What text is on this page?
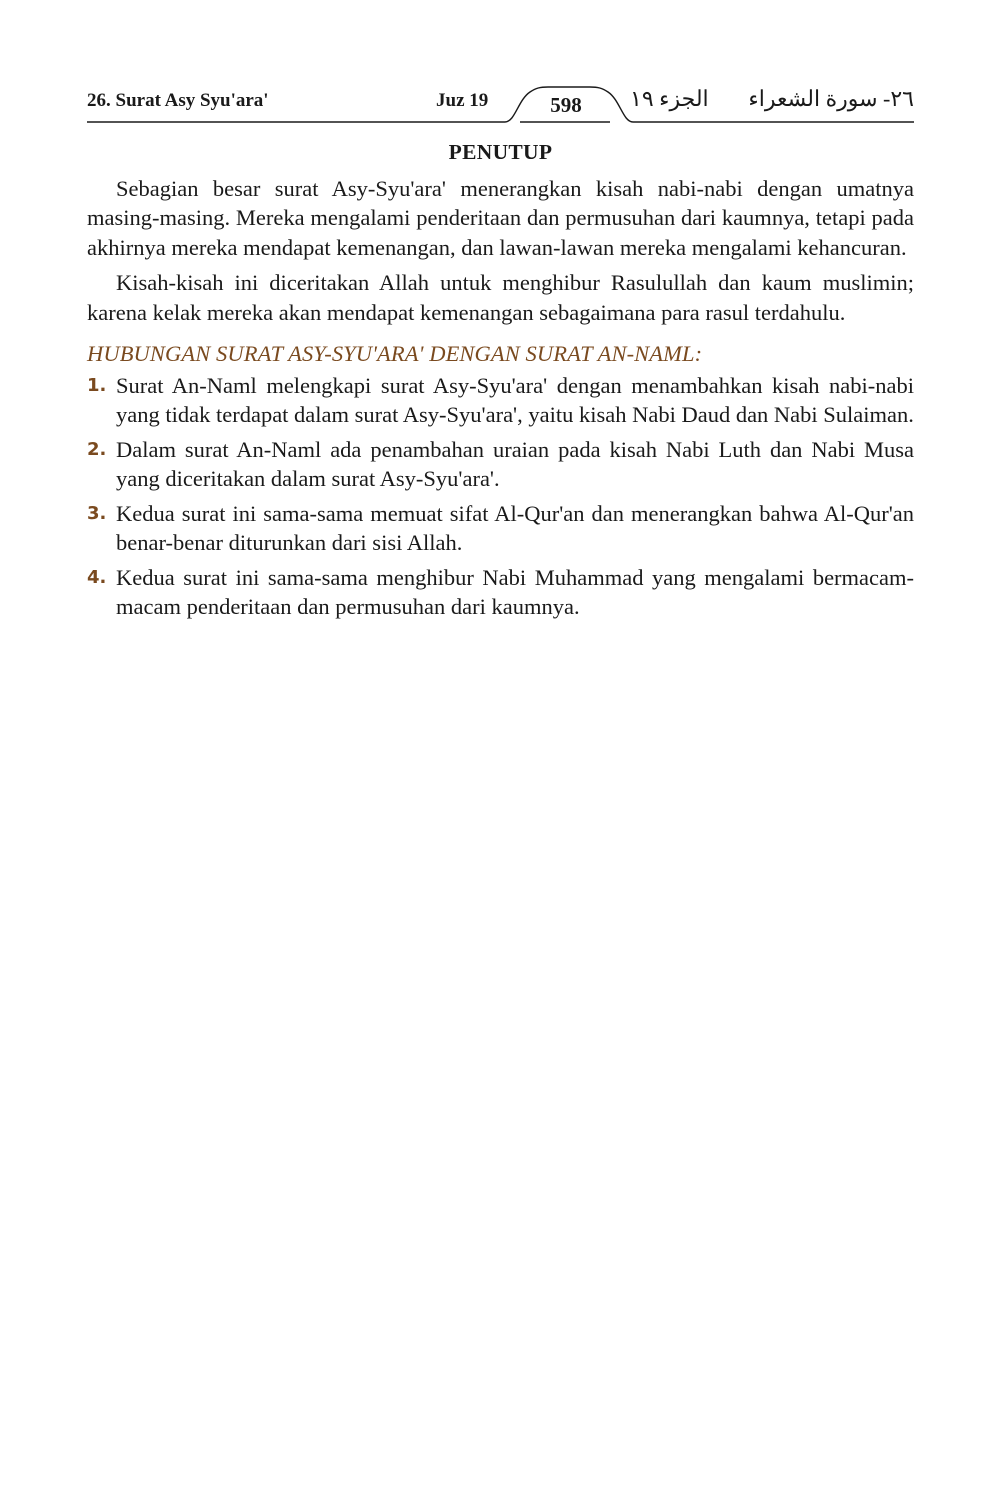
26. Surat Asy Syu'ara'	Juz 19	598	الجزء ١٩ ٢٦- سورة الشعراء
PENUTUP

Sebagian besar surat Asy-Syu'ara' menerangkan kisah nabi-nabi dengan umatnya masing-masing. Mereka mengalami penderitaan dan permusuhan dari kaumnya, tetapi pada akhirnya mereka mendapat kemenangan, dan lawan-lawan mereka mengalami kehancuran.

Kisah-kisah ini diceritakan Allah untuk menghibur Rasulullah dan kaum muslimin; karena kelak mereka akan mendapat kemenangan sebagaimana para rasul terdahulu.

HUBUNGAN SURAT ASY-SYU'ARA' DENGAN SURAT AN-NAML:
1. Surat An-Naml melengkapi surat Asy-Syu'ara' dengan menambahkan kisah nabi-nabi yang tidak terdapat dalam surat Asy-Syu'ara', yaitu kisah Nabi Daud dan Nabi Sulaiman.
2. Dalam surat An-Naml ada penambahan uraian pada kisah Nabi Luth dan Nabi Musa yang diceritakan dalam surat Asy-Syu'ara'.
3. Kedua surat ini sama-sama memuat sifat Al-Qur'an dan menerangkan bahwa Al-Qur'an benar-benar diturunkan dari sisi Allah.
4. Kedua surat ini sama-sama menghibur Nabi Muhammad yang mengalami bermacam-macam penderitaan dan permusuhan dari kaumnya.
